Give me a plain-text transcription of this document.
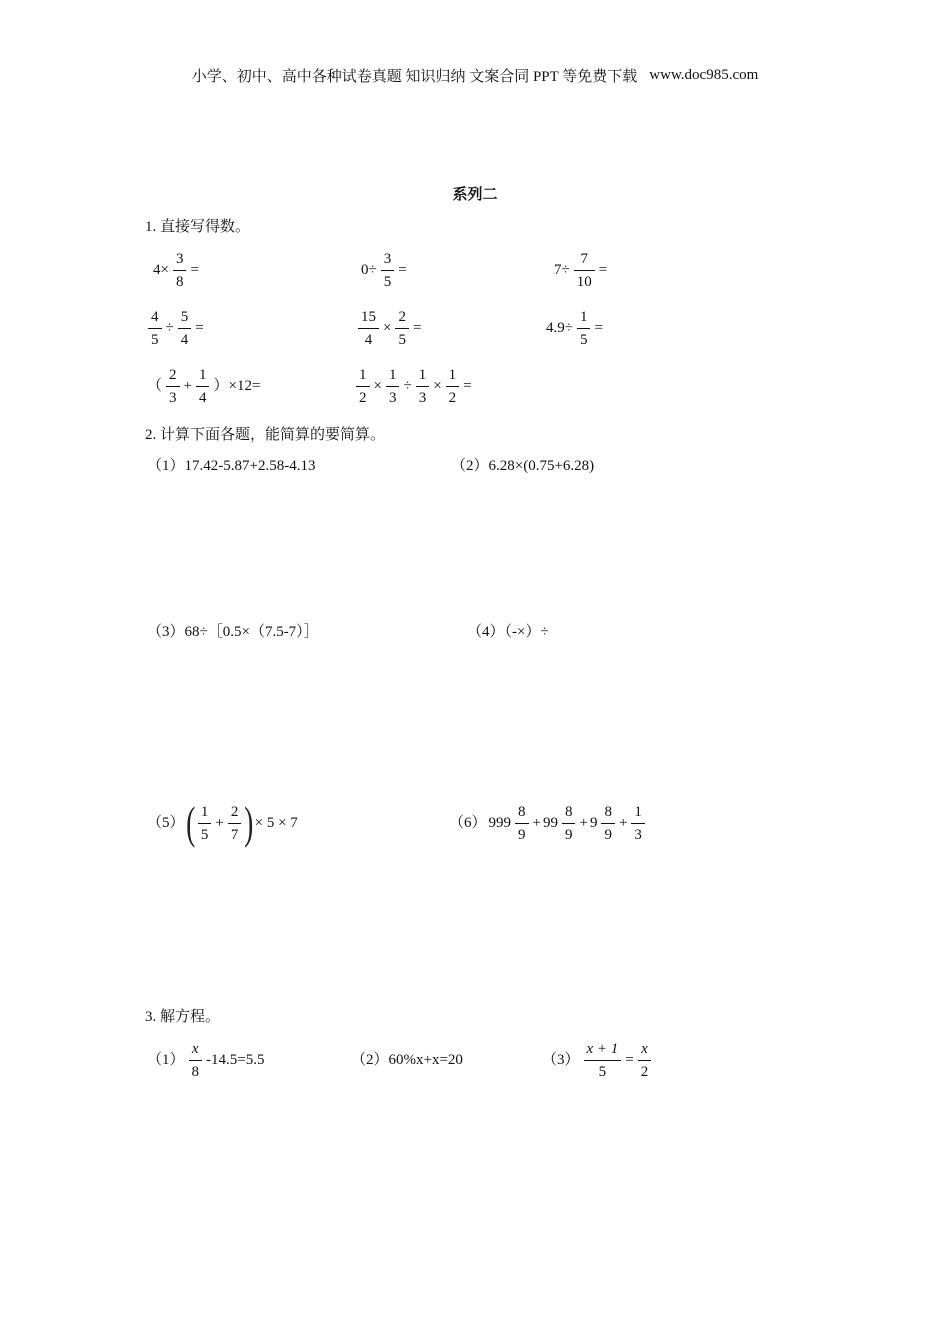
小学、初中、高中各种试卷真题 知识归纳 文案合同 PPT 等免费下载 www.doc985.com
系列二
1. 直接写得数。
$4\times \frac{3}{8}$ =	$0\div \frac{3}{5}$ =	$7\div \frac{7}{10}$ =
$\frac{4}{5} \div \frac{5}{4}$ =	$\frac{15}{4} \times \frac{2}{5}$ =	$4.9\div \frac{1}{5}$ =
（ $\frac{2}{3} + \frac{1}{4} )\times 12=$	$\frac{1}{2} \times \frac{1}{3} \div \frac{1}{3} \times \frac{1}{2}$ =
2. 计算下面各题，能简算的要简算。
（1）17.42-5.87+2.58-4.13	（2）6.28×(0.75+6.28)
（3）68÷［0.5×（7.5-7）］	（4）（-×）÷
（5） ( $\frac{1}{5} + \frac{2}{7}$ ) × 5 × 7	（6） $999 \frac{8}{9} + 99 \frac{8}{9} + 9 \frac{8}{9} + \frac{1}{3}$
3. 解方程。
$(1) \frac{x}{8} -14.5=5.5$	（2）60%x+x=20	$(3) \frac{x + 1}{5} = \frac{x}{2}$
